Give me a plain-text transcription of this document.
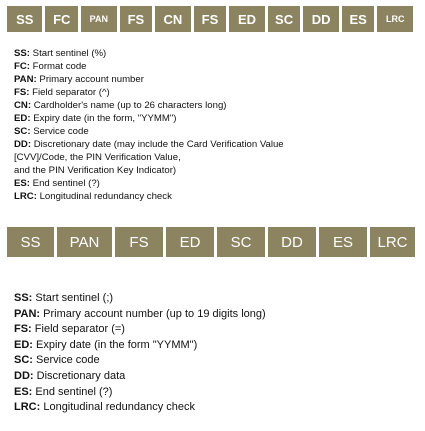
SS	FC	PAN	FS	CN	FS	ED	SC	DD	ES	LRC
SS: Start sentinel (%)
FC: Format code
PAN: Primary account number
FS: Field separator (^)
CN: Cardholder's name (up to 26 characters long)
ED: Expiry date (in the form, "YYMM")
SC: Service code
DD: Discretionary date (may include the Card Verification Value
[CVV]/Code, the PIN Verification Value,
and the PIN Verification Key Indicator)
ES: End sentinel (?)
LRC: Longitudinal redundancy check
SS	PAN	FS	ED	SC	DD	ES	LRC
SS: Start sentinel (;)
PAN: Primary account number (up to 19 digits long)
FS: Field separator (=)
ED: Expiry date (in the form "YYMM")
SC: Service code
DD: Discretionary data
ES: End sentinel (?)
LRC: Longitudinal redundancy check
